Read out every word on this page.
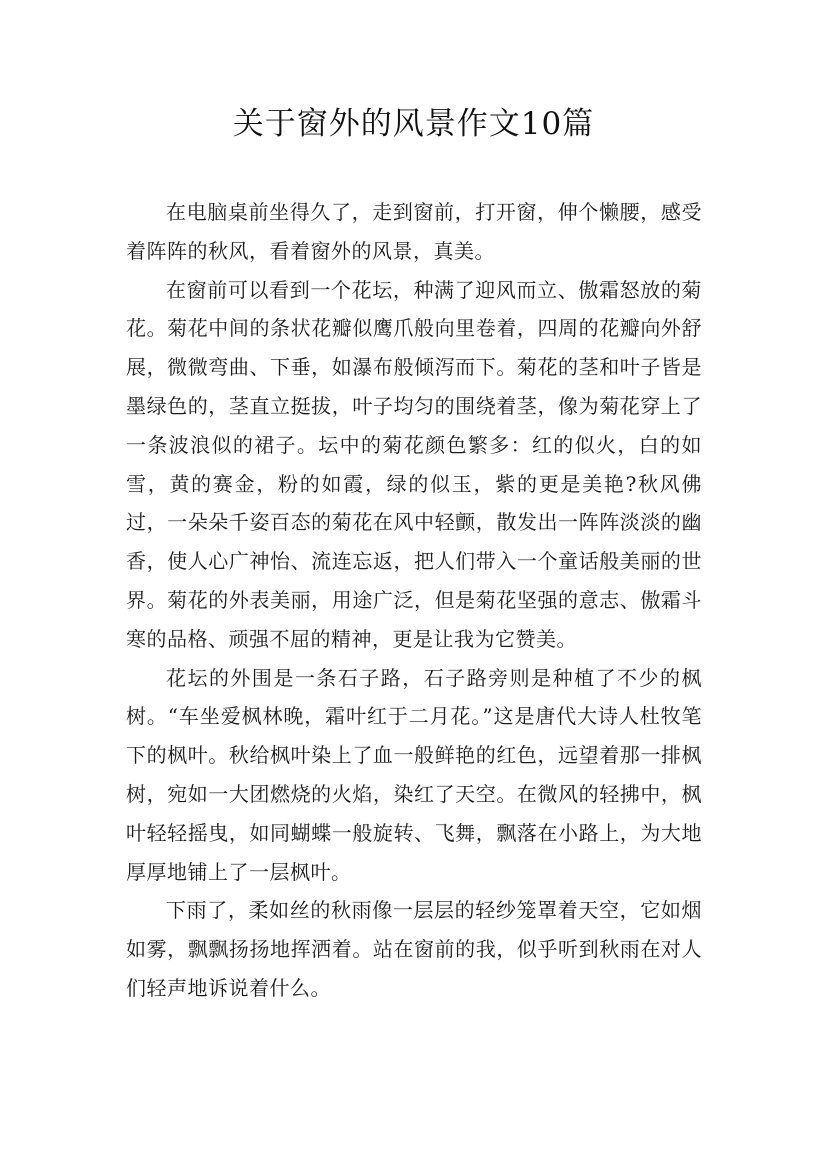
关于窗外的风景作文10篇

在电脑桌前坐得久了，走到窗前，打开窗，伸个懒腰，感受着阵阵的秋风，看着窗外的风景，真美。

在窗前可以看到一个花坛，种满了迎风而立、傲霜怒放的菊花。菊花中间的条状花瓣似鹰爪般向里卷着，四周的花瓣向外舒展，微微弯曲、下垂，如瀑布般倾泻而下。菊花的茎和叶子皆是墨绿色的，茎直立挺拔，叶子均匀的围绕着茎，像为菊花穿上了一条波浪似的裙子。坛中的菊花颜色繁多：红的似火，白的如雪，黄的赛金，粉的如霞，绿的似玉，紫的更是美艳?秋风佛过，一朵朵千姿百态的菊花在风中轻颤，散发出一阵阵淡淡的幽香，使人心广神怡、流连忘返，把人们带入一个童话般美丽的世界。菊花的外表美丽，用途广泛，但是菊花坚强的意志、傲霜斗寒的品格、顽强不屈的精神，更是让我为它赞美。

花坛的外围是一条石子路，石子路旁则是种植了不少的枫树。“车坐爱枫林晚，霜叶红于二月花。”这是唐代大诗人杜牧笔下的枫叶。秋给枫叶染上了血一般鲜艳的红色，远望着那一排枫树，宛如一大团燃烧的火焰，染红了天空。在微风的轻拂中，枫叶轻轻摇曳，如同蝴蝶一般旋转、飞舞，飘落在小路上，为大地厚厚地铺上了一层枫叶。

下雨了，柔如丝的秋雨像一层层的轻纱笼罩着天空，它如烟如雾，飘飘扬扬地挥洒着。站在窗前的我，似乎听到秋雨在对人们轻声地诉说着什么。
